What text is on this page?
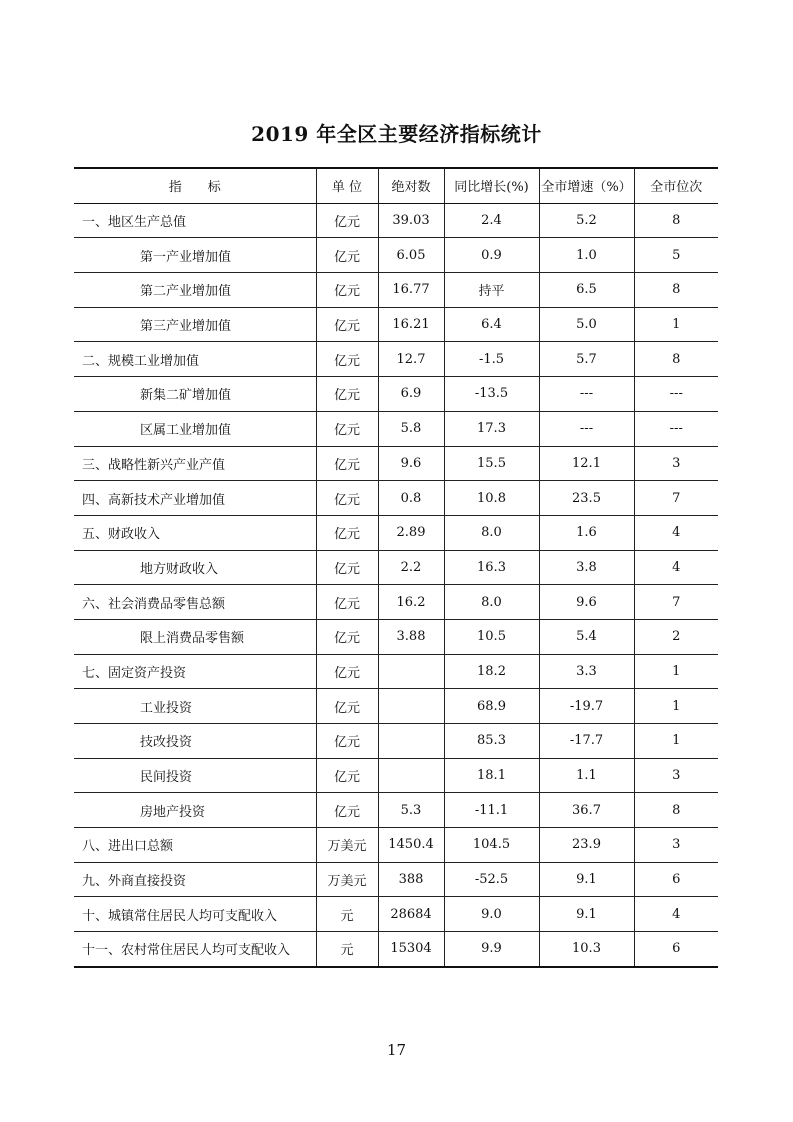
2019 年全区主要经济指标统计
指　　标	单 位	绝对数	同比增长(%)	全市增速（%）	全市位次
一、地区生产总值	亿元	39.03	2.4	5.2	8
第一产业增加值	亿元	6.05	0.9	1.0	5
第二产业增加值	亿元	16.77	持平	6.5	8
第三产业增加值	亿元	16.21	6.4	5.0	1
二、规模工业增加值	亿元	12.7	-1.5	5.7	8
新集二矿增加值	亿元	6.9	-13.5	---	---
区属工业增加值	亿元	5.8	17.3	---	---
三、战略性新兴产业产值	亿元	9.6	15.5	12.1	3
四、高新技术产业增加值	亿元	0.8	10.8	23.5	7
五、财政收入	亿元	2.89	8.0	1.6	4
地方财政收入	亿元	2.2	16.3	3.8	4
六、社会消费品零售总额	亿元	16.2	8.0	9.6	7
限上消费品零售额	亿元	3.88	10.5	5.4	2
七、固定资产投资	亿元		18.2	3.3	1
工业投资	亿元		68.9	-19.7	1
技改投资	亿元		85.3	-17.7	1
民间投资	亿元		18.1	1.1	3
房地产投资	亿元	5.3	-11.1	36.7	8
八、进出口总额	万美元	1450.4	104.5	23.9	3
九、外商直接投资	万美元	388	-52.5	9.1	6
十、城镇常住居民人均可支配收入	元	28684	9.0	9.1	4
十一、农村常住居民人均可支配收入	元	15304	9.9	10.3	6
17
